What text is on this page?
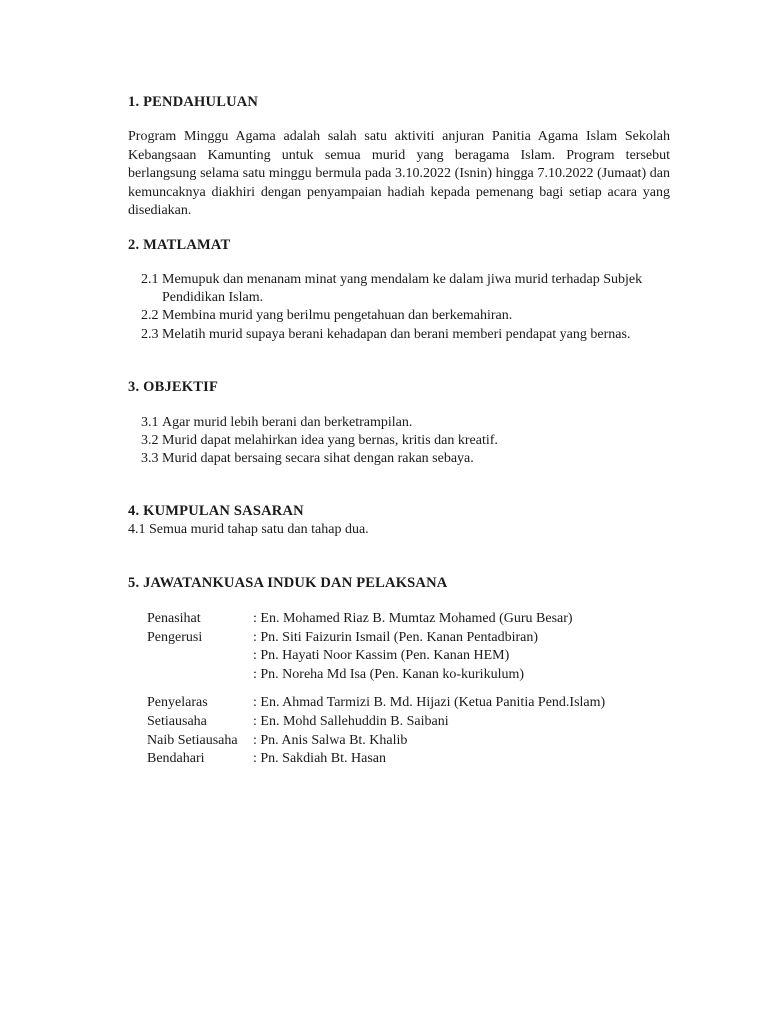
1. PENDAHULUAN
Program Minggu Agama adalah salah satu aktiviti anjuran Panitia Agama Islam Sekolah Kebangsaan Kamunting untuk semua murid yang beragama Islam. Program tersebut berlangsung selama satu minggu bermula pada 3.10.2022 (Isnin) hingga 7.10.2022 (Jumaat) dan kemuncaknya diakhiri dengan penyampaian hadiah kepada pemenang bagi setiap acara yang disediakan.
2. MATLAMAT
2.1 Memupuk dan menanam minat yang mendalam ke dalam jiwa murid terhadap Subjek Pendidikan Islam.
2.2 Membina murid yang berilmu pengetahuan dan berkemahiran.
2.3 Melatih murid supaya berani kehadapan dan berani memberi pendapat yang bernas.
3. OBJEKTIF
3.1 Agar murid lebih berani dan berketrampilan.
3.2 Murid dapat melahirkan idea yang bernas, kritis dan kreatif.
3.3 Murid dapat bersaing secara sihat dengan rakan sebaya.
4. KUMPULAN SASARAN
4.1 Semua murid tahap satu dan tahap dua.
5. JAWATANKUASA INDUK DAN PELAKSANA
Penasihat	: En. Mohamed Riaz B. Mumtaz Mohamed (Guru Besar)
Pengerusi	: Pn. Siti Faizurin Ismail (Pen. Kanan Pentadbiran)
: Pn. Hayati Noor Kassim (Pen. Kanan HEM)
: Pn. Noreha Md Isa (Pen. Kanan ko-kurikulum)
Penyelaras	: En. Ahmad Tarmizi B. Md. Hijazi (Ketua Panitia Pend.Islam)
Setiausaha	: En. Mohd Sallehuddin B. Saibani
Naib Setiausaha	: Pn. Anis Salwa Bt. Khalib
Bendahari	: Pn. Sakdiah Bt. Hasan
